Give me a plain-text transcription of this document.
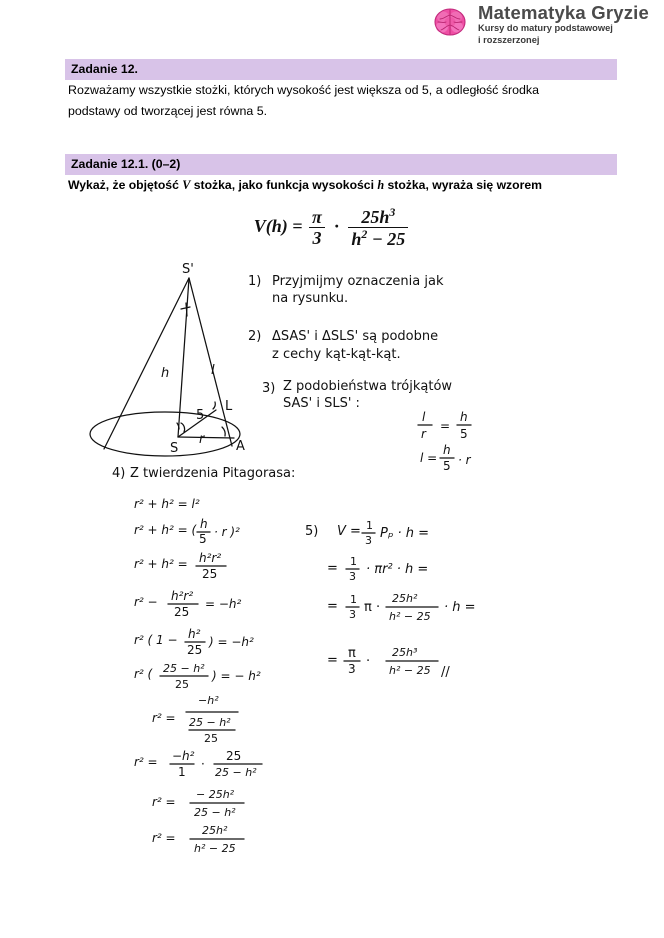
Matematyka Gryzie
Kursy do matury podstawowej
i rozszerzonej
Zadanie 12.
Rozważamy wszystkie stożki, których wysokość jest większa od 5, a odległość środka
podstawy od tworzącej jest równa 5.
Zadanie 12.1. (0–2)
Wykaż, że objętość V stożka, jako funkcja wysokości h stożka, wyraża się wzorem
$V(h) = \frac{\pi}{3} \cdot \frac{25h^3}{h^2 - 25}$
S'
S	A
L
h	l
r
5
1) Przyjmijmy oznaczenia jak
na rysunku.
2) ΔSAS' i ΔSLS' są podobne
z cechy kąt-kąt-kąt.
3) Z podobieństwa trójkątów
SAS' i SLS' :
l
r
=
h
5
l =
h
5 · r
4) Z twierdzenia Pitagorasa:
r² + h² = l²
r² + h² = ( h
5 · r )²
r² + h² = h²r²
25
r² − h²r²
25
= −h²
r² ( 1 − h²
25
) = −h²
r² ( 25 − h²
25
) = − h²
r² =
−h²
25 − h²
25
r² = −h²
1
·
25
25 − h²
r² =
− 25h²
25 − h²
r² =
25h²
h² − 25
5) V = 1
3 Pₚ · h =
= 1
3 · πr² · h =
= 1
3 π ·
25h²
h² − 25
· h =
= π
3 ·
25h³
h² − 25 //
